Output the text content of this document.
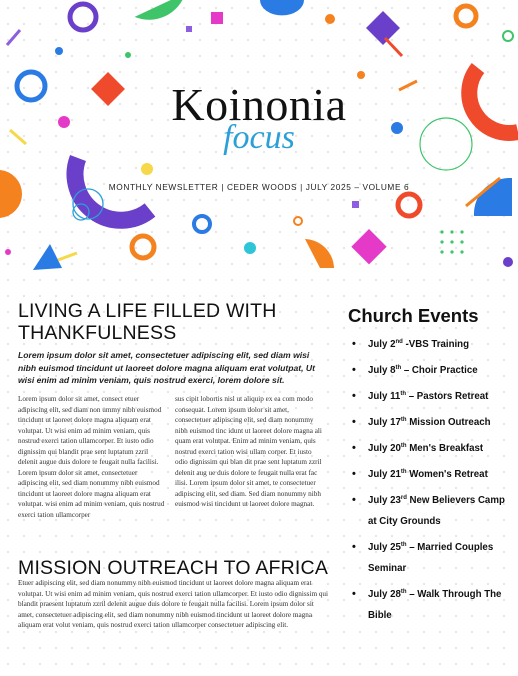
Koinonia
focus
MONTHLY NEWSLETTER | CEDER WOODS | JULY 2025 – VOLUME 6
LIVING A LIFE FILLED WITH THANKFULNESS
Lorem ipsum dolor sit amet, consectetuer adipiscing elit, sed diam wisi nibh euismod tincidunt ut laoreet dolore magna aliquam erat volutpat, Ut wisi enim ad minim veniam, quis nostrud exerci, lorem dolore sit.
Lorem ipsum dolor sit amet, consect etuer adipiscing elit, sed diam non ummy nibh euismod tincidunt ut laoreet dolore magna aliquam erat volutpat. Ut wisi enim ad minim veniam, quis nostrud exerci tation ullamcorper. Et iusto odio dignissim qui blandit prae sent luptatum zzril delenit augue duis dolore te feugait nulla facilisi. Lorem ipsum dolor sit amet, consectetuer adipiscing elit, sed diam nonummy nibh euismod tincidunt ut laoreet dolore magna aliquam erat volutpat. wisi enim ad minim veniam, quis nostrud exerci tation ullamcorper
sus cipit lobortis nisl ut aliquip ex ea com modo consequat. Lorem ipsum dolor sit amet, consectetuer adipiscing elit, sed diam nonummy nibh euismod tinc idunt ut laoreet dolore magna ali quam erat volutpat. Enim ad minim veniam, quis nostrud exerci tation wisi ullam corper. Et iusto odio dignissim qui blan dit prae sent luptatum zzril delenit aug ue duis dolore te feugait nulla erat fac ilisi. Lorem ipsum dolor sit amet, te consectetuer adipiscing elit, sed diam. Sed diam nonummy nibh euismod wisi tincidunt ut laoreet dolore magnat.
MISSION OUTREACH TO AFRICA
Etuer adipiscing elit, sed diam nonummy nibh euismod tincidunt ut laoreet dolore magna aliquam erat volutpat. Ut wisi enim ad minim veniam, quis nostrud exerci tation ullamcorper. Et iusto odio dignissim qui blandit praesent luptatum zzril delenit augue duis dolore te feugait nulla facilisi. Lorem ipsum dolor sit amet, consectetuer adipiscing elit, sed diam nonummy nibh euismod tincidunt ut laoreet dolore magna aliquam erat volut veniam, quis nostrud exerci tation ullamcorper consectetuer adipiscing elit.
Church Events
• July 2nd -VBS Training
• July 8th – Choir Practice
• July 11th – Pastors Retreat
• July 17th Mission Outreach
• July 20th Men's Breakfast
• July 21th Women's Retreat
• July 23rd New Believers Camp at City Grounds
• July 25th – Married Couples Seminar
• July 28th – Walk Through The Bible
